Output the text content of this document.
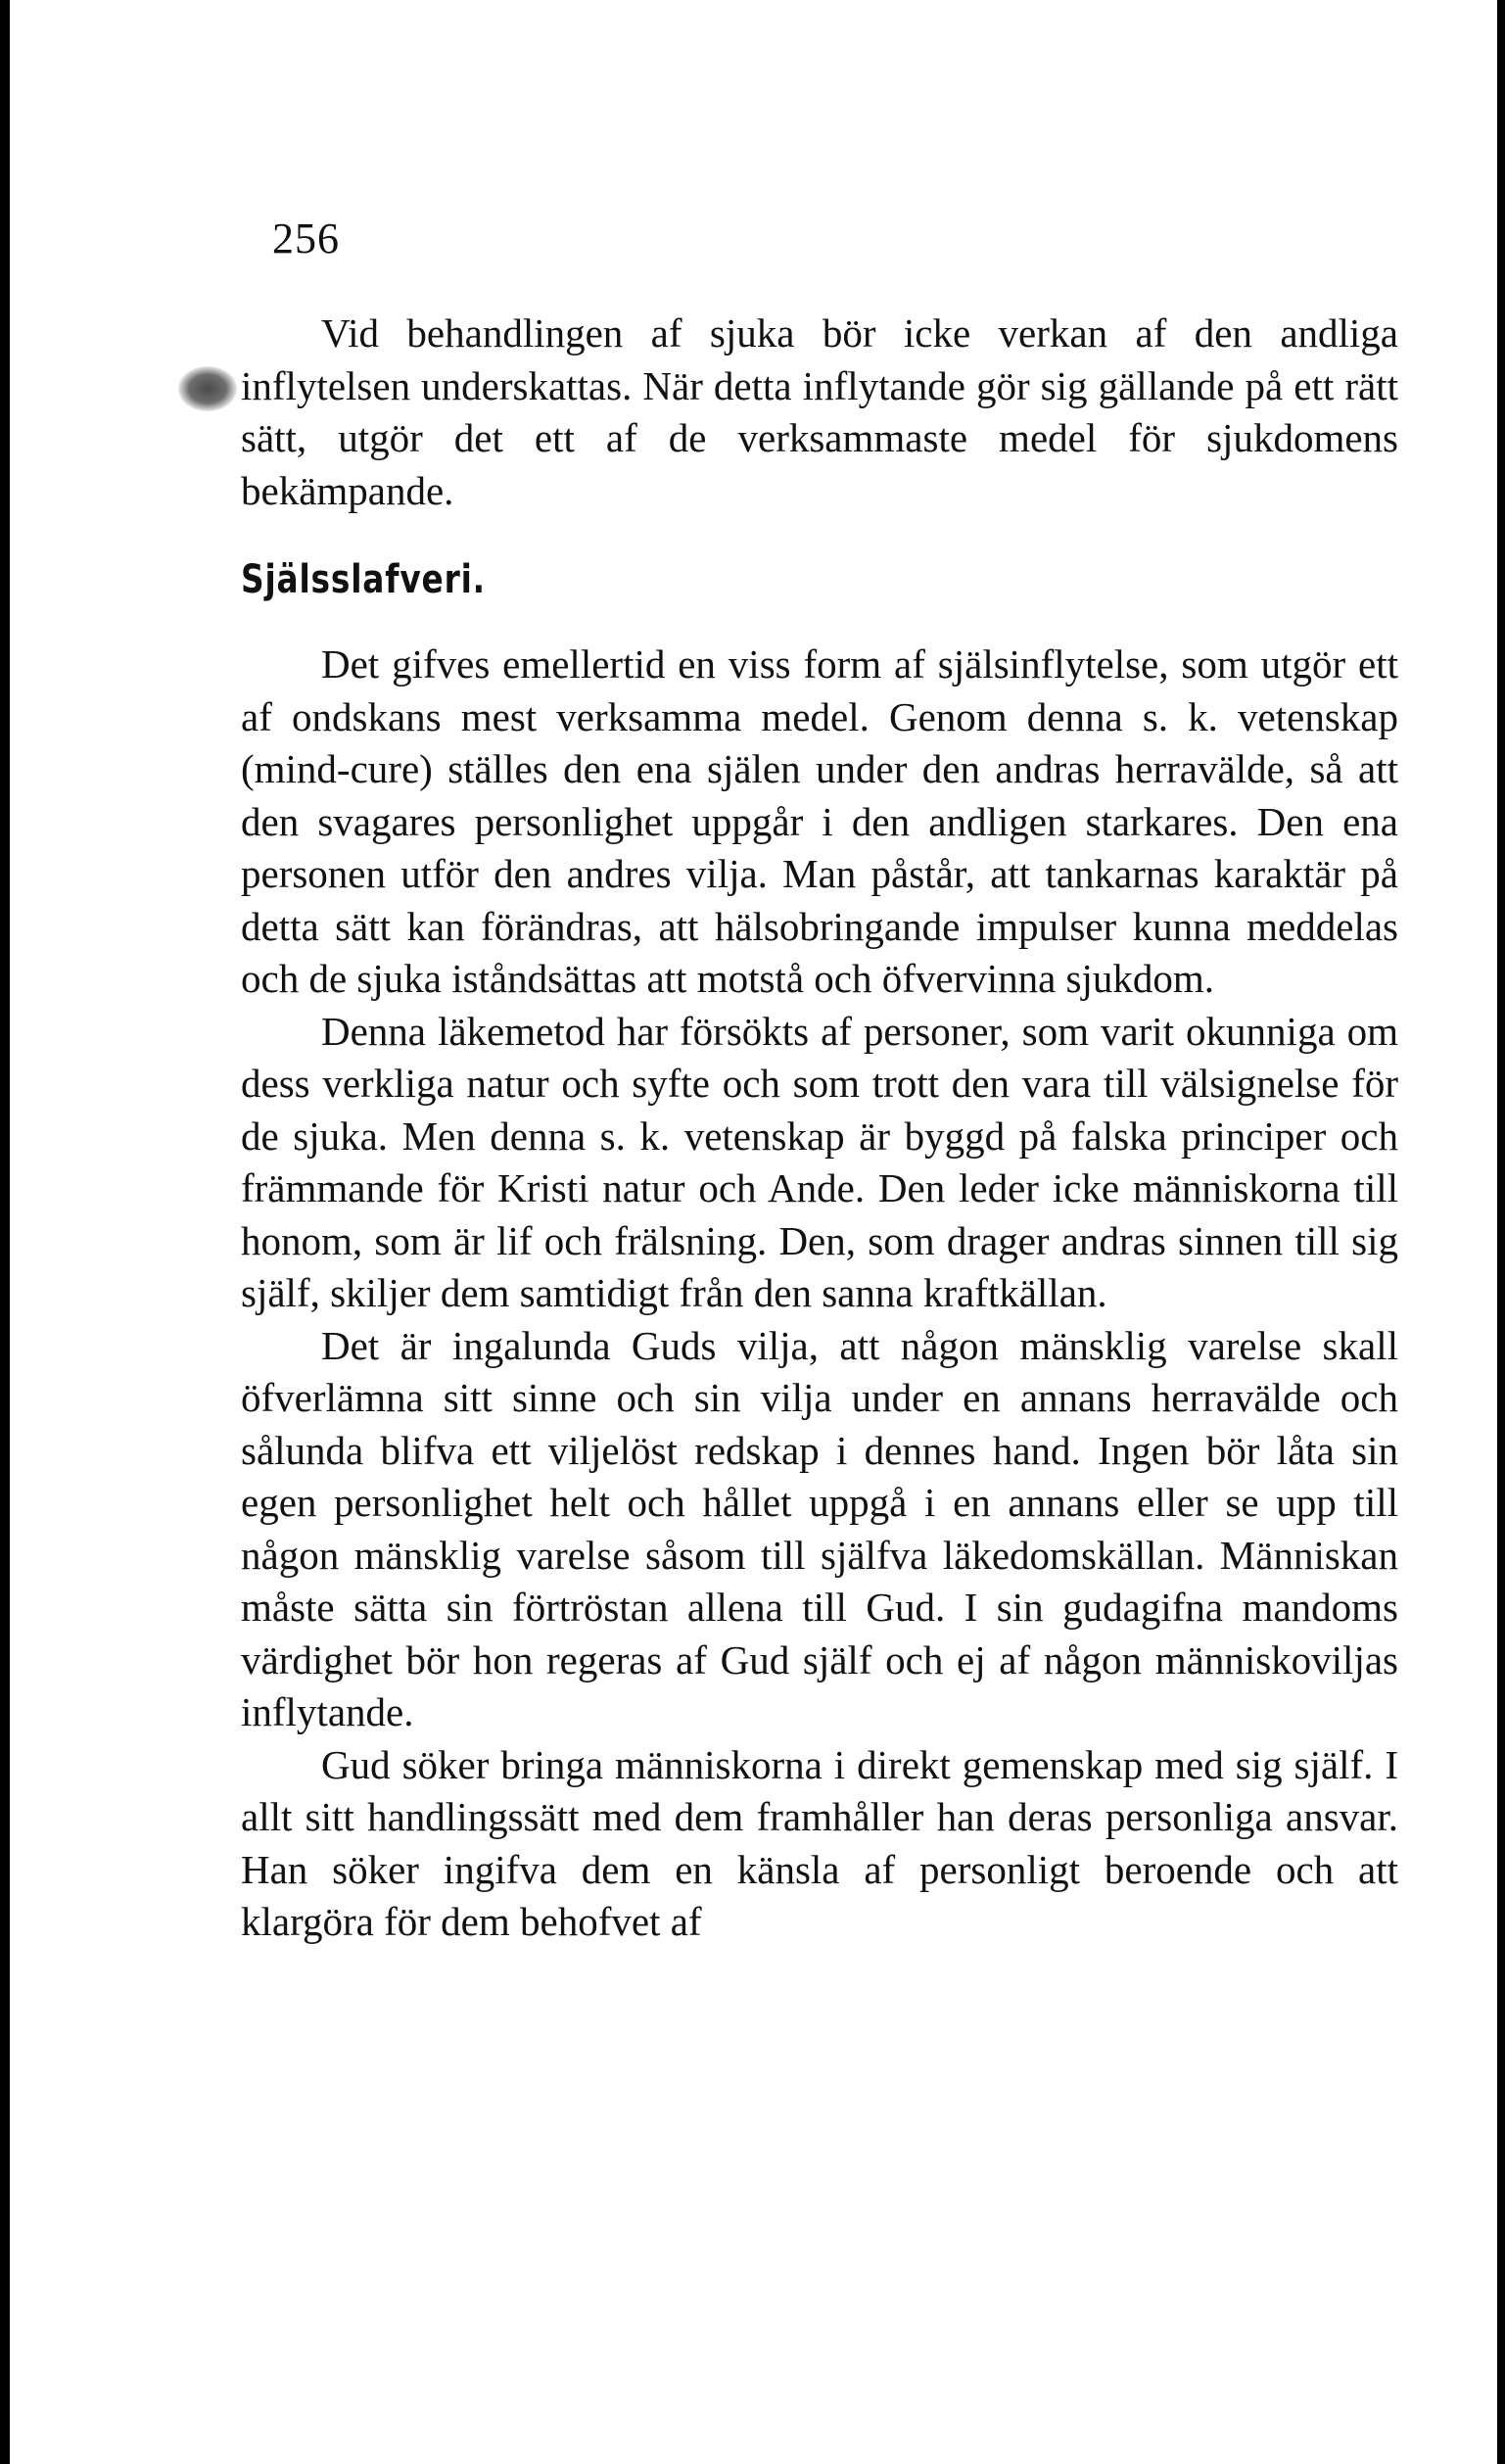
256

Vid behandlingen af sjuka bör icke verkan af den andliga inflytelsen underskattas. När detta inflytande gör sig gällande på ett rätt sätt, utgör det ett af de verksammaste medel för sjukdomens bekämpande.

Själsslafveri.

Det gifves emellertid en viss form af själsinflytelse, som utgör ett af ondskans mest verksamma medel. Genom denna s. k. vetenskap (mind-cure) ställes den ena själen under den andras herravälde, så att den svagares personlighet uppgår i den andligen starkares. Den ena personen utför den andres vilja. Man påstår, att tankarnas karaktär på detta sätt kan förändras, att hälsobringande impulser kunna meddelas och de sjuka iståndsättas att motstå och öfvervinna sjukdom.

Denna läkemetod har försökts af personer, som varit okunniga om dess verkliga natur och syfte och som trott den vara till välsignelse för de sjuka. Men denna s. k. vetenskap är byggd på falska principer och främmande för Kristi natur och Ande. Den leder icke människorna till honom, som är lif och frälsning. Den, som drager andras sinnen till sig själf, skiljer dem samtidigt från den sanna kraftkällan.

Det är ingalunda Guds vilja, att någon mänsklig varelse skall öfverlämna sitt sinne och sin vilja under en annans herravälde och sålunda blifva ett viljelöst redskap i dennes hand. Ingen bör låta sin egen personlighet helt och hållet uppgå i en annans eller se upp till någon mänsklig varelse såsom till själfva läkedomskällan. Människan måste sätta sin förtröstan allena till Gud. I sin gudagifna mandoms värdighet bör hon regeras af Gud själf och ej af någon människoviljas inflytande.

Gud söker bringa människorna i direkt gemenskap med sig själf. I allt sitt handlingssätt med dem framhåller han deras personliga ansvar. Han söker ingifva dem en känsla af personligt beroende och att klargöra för dem behofvet af
